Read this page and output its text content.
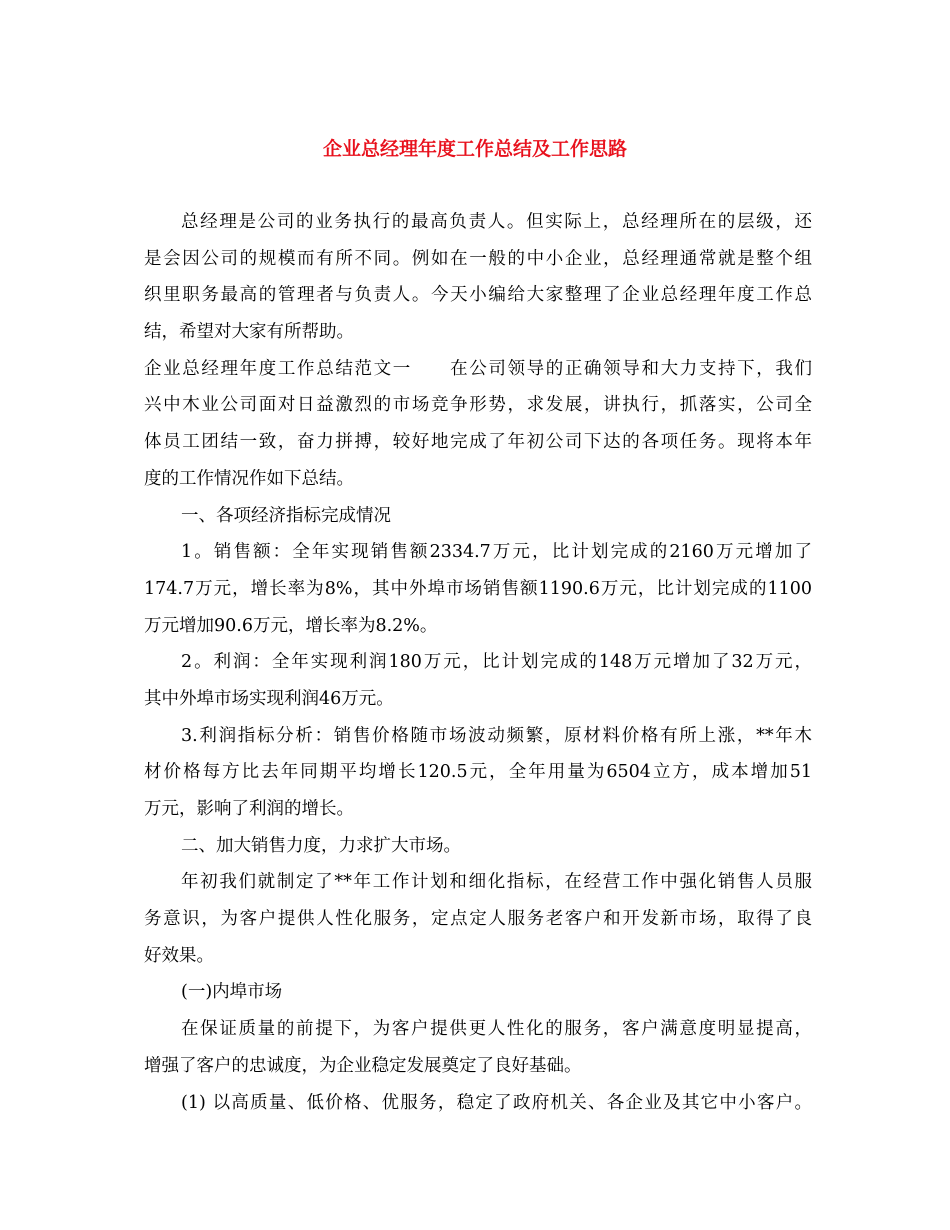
企业总经理年度工作总结及工作思路

总经理是公司的业务执行的最高负责人。但实际上，总经理所在的层级，还

是会因公司的规模而有所不同。例如在一般的中小企业，总经理通常就是整个组

织里职务最高的管理者与负责人。今天小编给大家整理了企业总经理年度工作总

结，希望对大家有所帮助。

企业总经理年度工作总结范文一　　在公司领导的正确领导和大力支持下，我们

兴中木业公司面对日益激烈的市场竞争形势，求发展，讲执行，抓落实，公司全

体员工团结一致，奋力拼搏，较好地完成了年初公司下达的各项任务。现将本年

度的工作情况作如下总结。

一、各项经济指标完成情况

1。销售额：全年实现销售额2334.7万元，比计划完成的2160万元增加了

174.7万元，增长率为8%，其中外埠市场销售额1190.6万元，比计划完成的1100

万元增加90.6万元，增长率为8.2%。

2。利润：全年实现利润180万元，比计划完成的148万元增加了32万元，

其中外埠市场实现利润46万元。

3.利润指标分析：销售价格随市场波动频繁，原材料价格有所上涨，**年木

材价格每方比去年同期平均增长120.5元，全年用量为6504立方，成本增加51

万元，影响了利润的增长。

二、加大销售力度，力求扩大市场。

年初我们就制定了**年工作计划和细化指标，在经营工作中强化销售人员服

务意识，为客户提供人性化服务，定点定人服务老客户和开发新市场，取得了良

好效果。

(一)内埠市场

在保证质量的前提下，为客户提供更人性化的服务，客户满意度明显提高，

增强了客户的忠诚度，为企业稳定发展奠定了良好基础。

(1) 以高质量、低价格、优服务，稳定了政府机关、各企业及其它中小客户。
